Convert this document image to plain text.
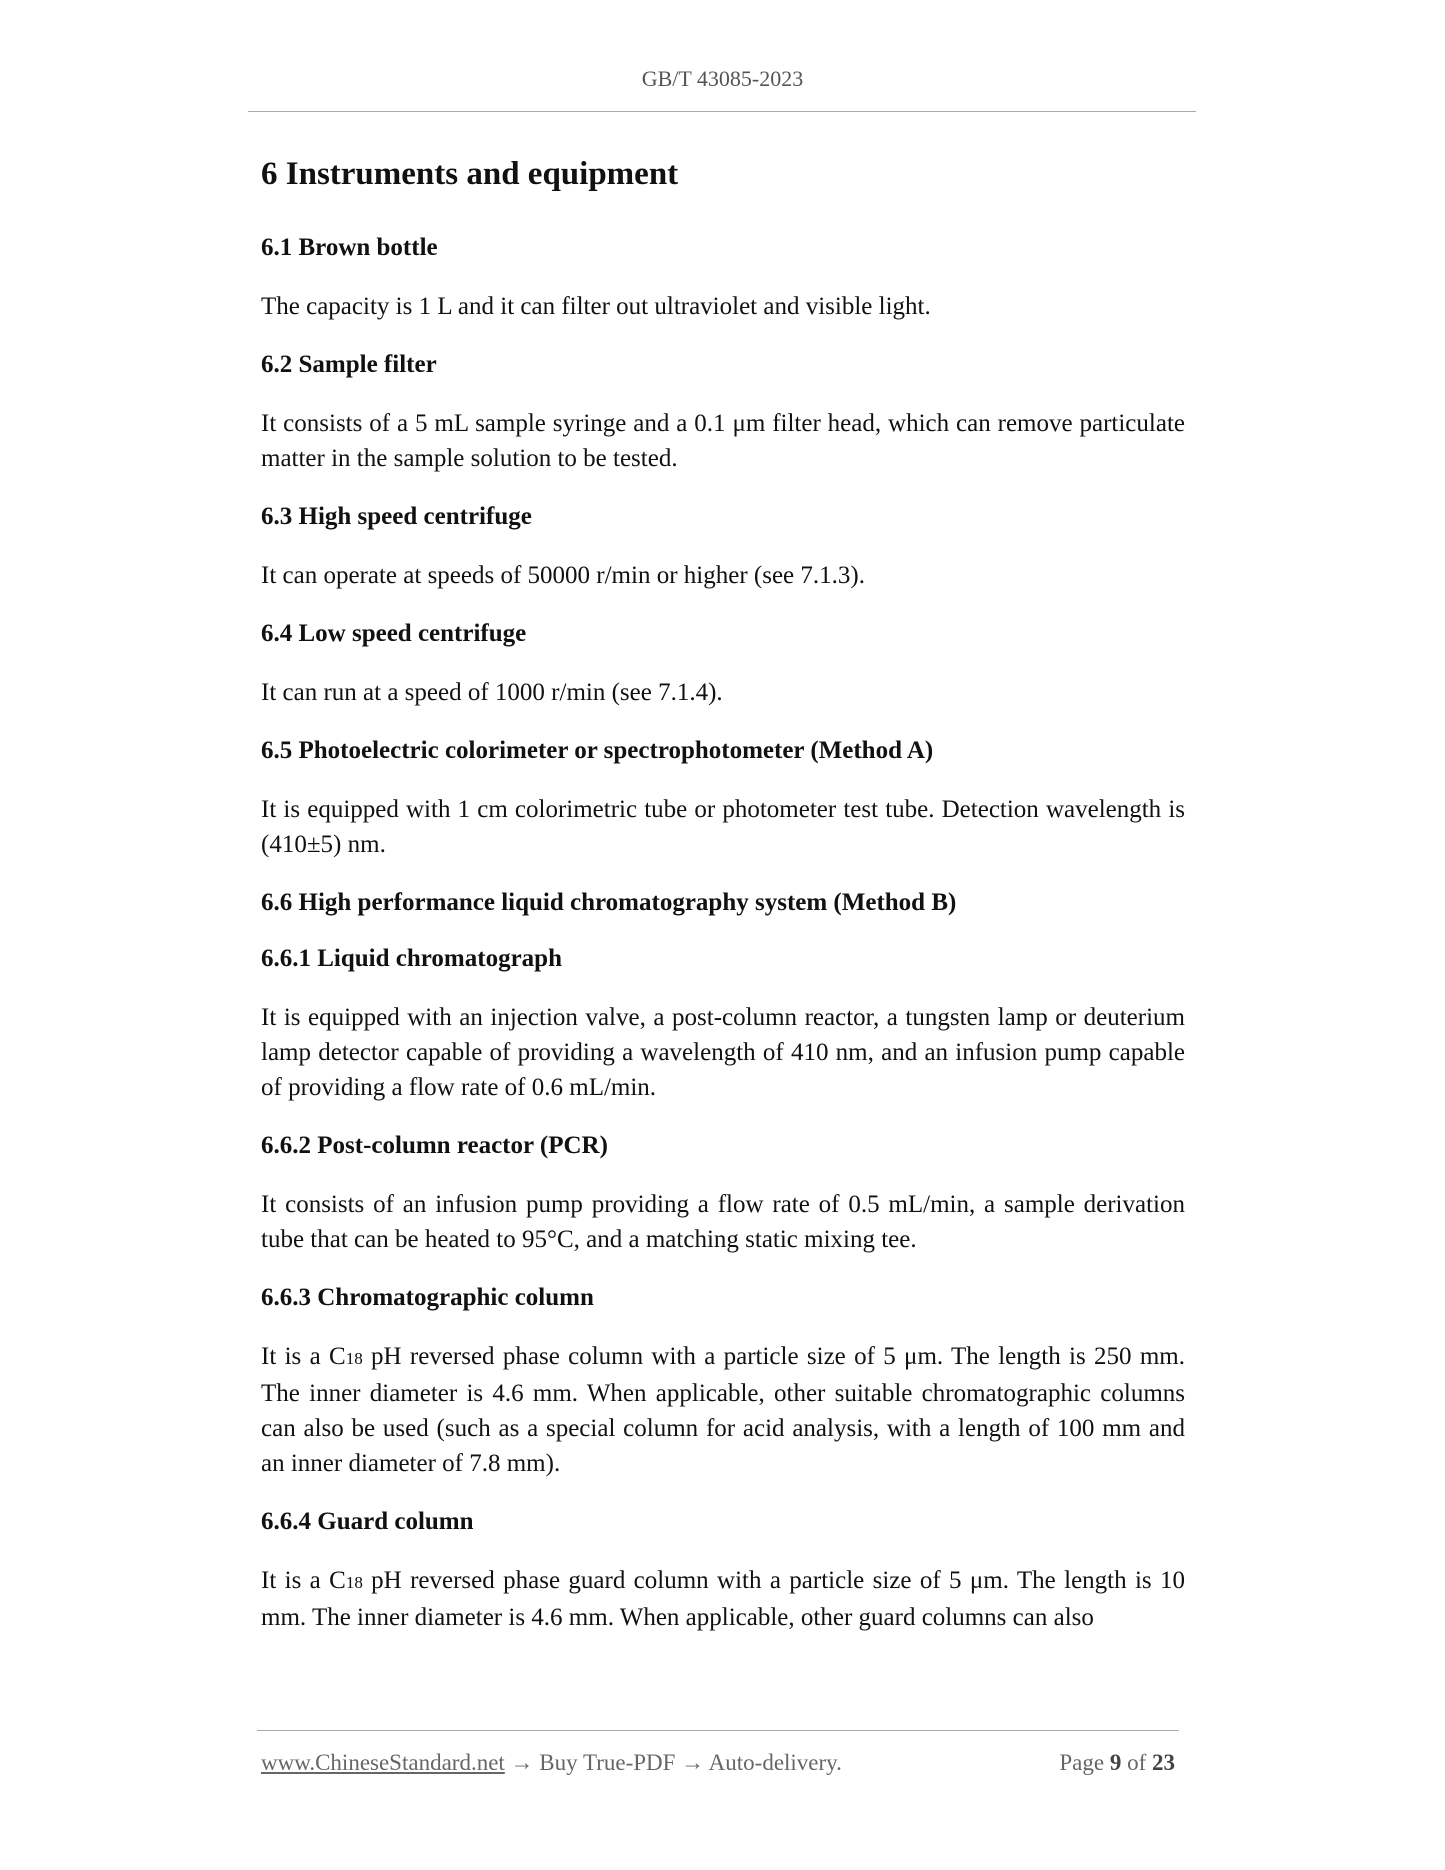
GB/T 43085-2023
6 Instruments and equipment
6.1 Brown bottle

The capacity is 1 L and it can filter out ultraviolet and visible light.

6.2 Sample filter

It consists of a 5 mL sample syringe and a 0.1 μm filter head, which can remove particulate matter in the sample solution to be tested.

6.3 High speed centrifuge

It can operate at speeds of 50000 r/min or higher (see 7.1.3).

6.4 Low speed centrifuge

It can run at a speed of 1000 r/min (see 7.1.4).

6.5 Photoelectric colorimeter or spectrophotometer (Method A)

It is equipped with 1 cm colorimetric tube or photometer test tube. Detection wavelength is (410±5) nm.

6.6 High performance liquid chromatography system (Method B)
6.6.1 Liquid chromatograph

It is equipped with an injection valve, a post-column reactor, a tungsten lamp or deuterium lamp detector capable of providing a wavelength of 410 nm, and an infusion pump capable of providing a flow rate of 0.6 mL/min.

6.6.2 Post-column reactor (PCR)

It consists of an infusion pump providing a flow rate of 0.5 mL/min, a sample derivation tube that can be heated to 95°C, and a matching static mixing tee.

6.6.3 Chromatographic column

It is a C18 pH reversed phase column with a particle size of 5 μm. The length is 250 mm. The inner diameter is 4.6 mm. When applicable, other suitable chromatographic columns can also be used (such as a special column for acid analysis, with a length of 100 mm and an inner diameter of 7.8 mm).

6.6.4 Guard column

It is a C18 pH reversed phase guard column with a particle size of 5 μm. The length is 10 mm. The inner diameter is 4.6 mm. When applicable, other guard columns can also

www.ChineseStandard.net → Buy True-PDF → Auto-delivery.	Page 9 of 23
